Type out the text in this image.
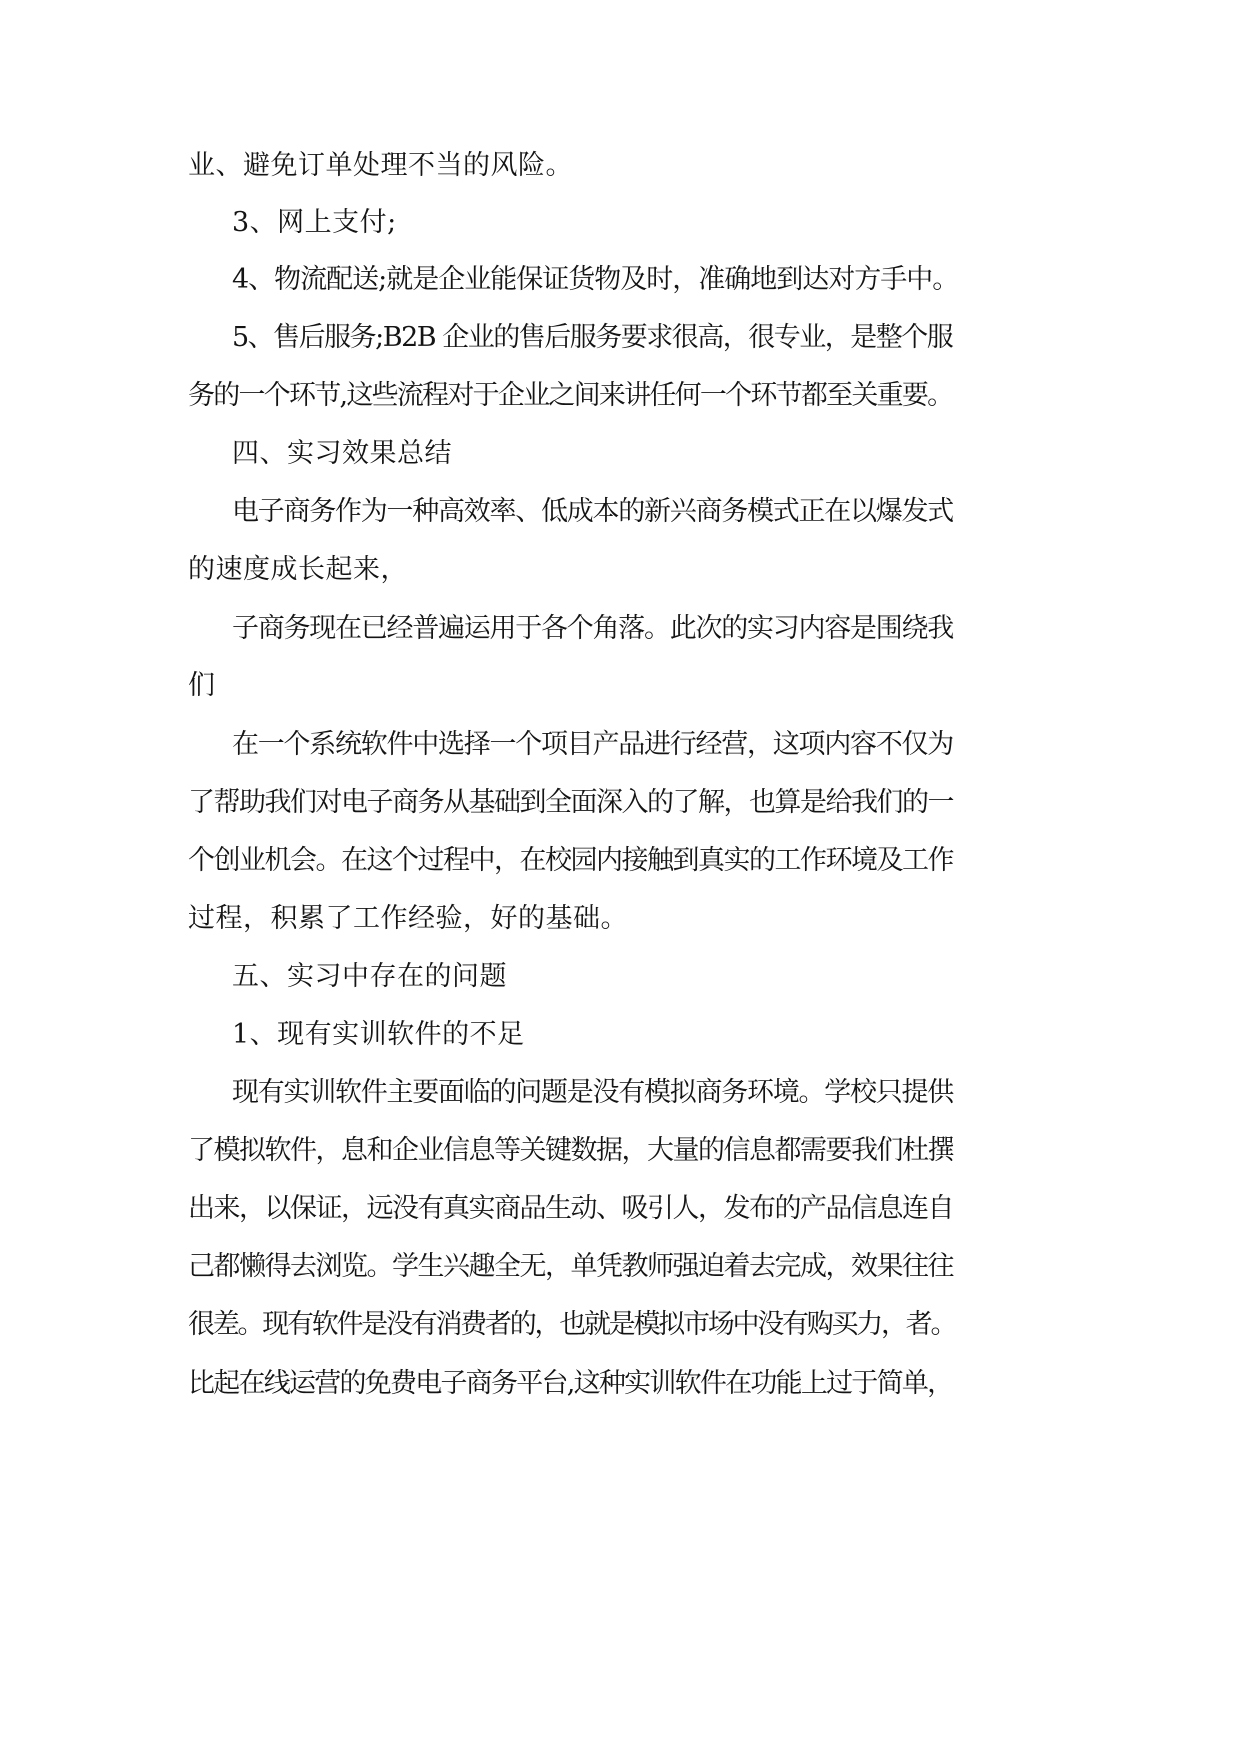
业、避免订单处理不当的风险。

3、网上支付;

4、物流配送;就是企业能保证货物及时，准确地到达对方手中。

5、售后服务;B2B 企业的售后服务要求很高，很专业，是整个服

务的一个环节,这些流程对于企业之间来讲任何一个环节都至关重要。

四、实习效果总结

电子商务作为一种高效率、低成本的新兴商务模式正在以爆发式

的速度成长起来，

子商务现在已经普遍运用于各个角落。此次的实习内容是围绕我

们

在一个系统软件中选择一个项目产品进行经营，这项内容不仅为

了帮助我们对电子商务从基础到全面深入的了解，也算是给我们的一

个创业机会。在这个过程中，在校园内接触到真实的工作环境及工作

过程，积累了工作经验，好的基础。

五、实习中存在的问题

1、现有实训软件的不足

现有实训软件主要面临的问题是没有模拟商务环境。学校只提供

了模拟软件，息和企业信息等关键数据，大量的信息都需要我们杜撰

出来，以保证，远没有真实商品生动、吸引人，发布的产品信息连自

己都懒得去浏览。学生兴趣全无，单凭教师强迫着去完成，效果往往

很差。现有软件是没有消费者的，也就是模拟市场中没有购买力，者。

比起在线运营的免费电子商务平台,这种实训软件在功能上过于简单，
